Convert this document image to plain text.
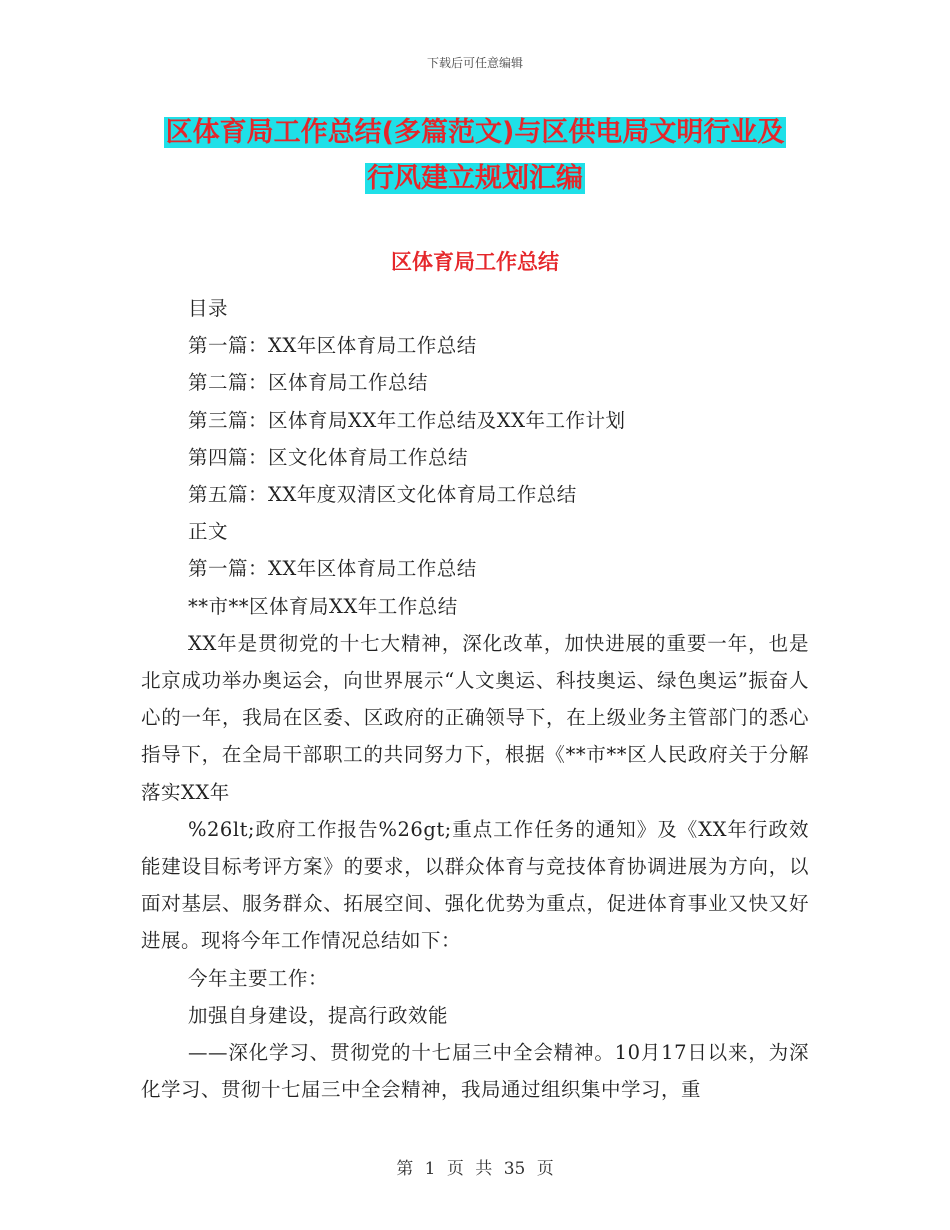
下载后可任意编辑
区体育局工作总结(多篇范文)与区供电局文明行业及
行风建立规划汇编
区体育局工作总结

目录

第一篇：XX年区体育局工作总结

第二篇：区体育局工作总结

第三篇：区体育局XX年工作总结及XX年工作计划

第四篇：区文化体育局工作总结

第五篇：XX年度双清区文化体育局工作总结

正文

第一篇：XX年区体育局工作总结

**市**区体育局XX年工作总结

XX年是贯彻党的十七大精神，深化改革，加快进展的重要一年，也是北京成功举办奥运会，向世界展示“人文奥运、科技奥运、绿色奥运”振奋人心的一年，我局在区委、区政府的正确领导下，在上级业务主管部门的悉心指导下，在全局干部职工的共同努力下，根据《**市**区人民政府关于分解落实XX年

%26lt;政府工作报告%26gt;重点工作任务的通知》及《XX年行政效能建设目标考评方案》的要求，以群众体育与竞技体育协调进展为方向，以面对基层、服务群众、拓展空间、强化优势为重点，促进体育事业又快又好进展。现将今年工作情况总结如下：

今年主要工作：

加强自身建设，提高行政效能

——深化学习、贯彻党的十七届三中全会精神。10月17日以来，为深化学习、贯彻十七届三中全会精神，我局通过组织集中学习，重

第 1 页 共 35 页
